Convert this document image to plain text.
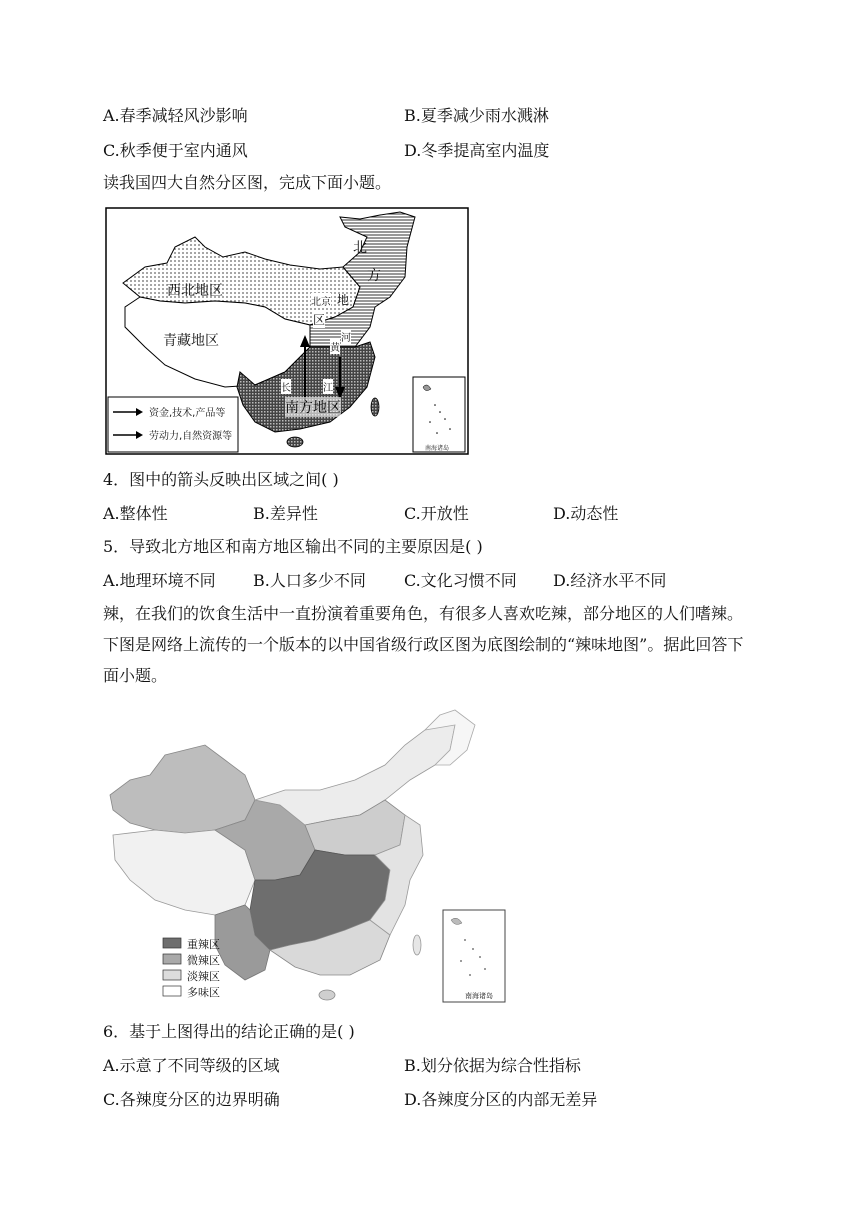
A.春季减轻风沙影响	B.夏季减少雨水溅淋
C.秋季便于室内通风	D.冬季提高室内温度
读我国四大自然分区图，完成下面小题。
西北地区
青藏地区
南方地区
北
方
地
区
北京
黄
河
长	江
资金,技术,产品等
劳动力,自然资源等
南海诸岛
4．图中的箭头反映出区域之间( )
A.整体性	B.差异性	C.开放性	D.动态性
5．导致北方地区和南方地区输出不同的主要原因是( )
A.地理环境不同 B.人口多少不同 C.文化习惯不同 D.经济水平不同
辣，在我们的饮食生活中一直扮演着重要角色，有很多人喜欢吃辣，部分地区的人们嗜辣。下图是网络上流传的一个版本的以中国省级行政区图为底图绘制的“辣味地图”。据此回答下面小题。
重辣区
微辣区
淡辣区
多味区	南海诸岛
6．基于上图得出的结论正确的是( )
A.示意了不同等级的区域	B.划分依据为综合性指标
C.各辣度分区的边界明确	D.各辣度分区的内部无差异
